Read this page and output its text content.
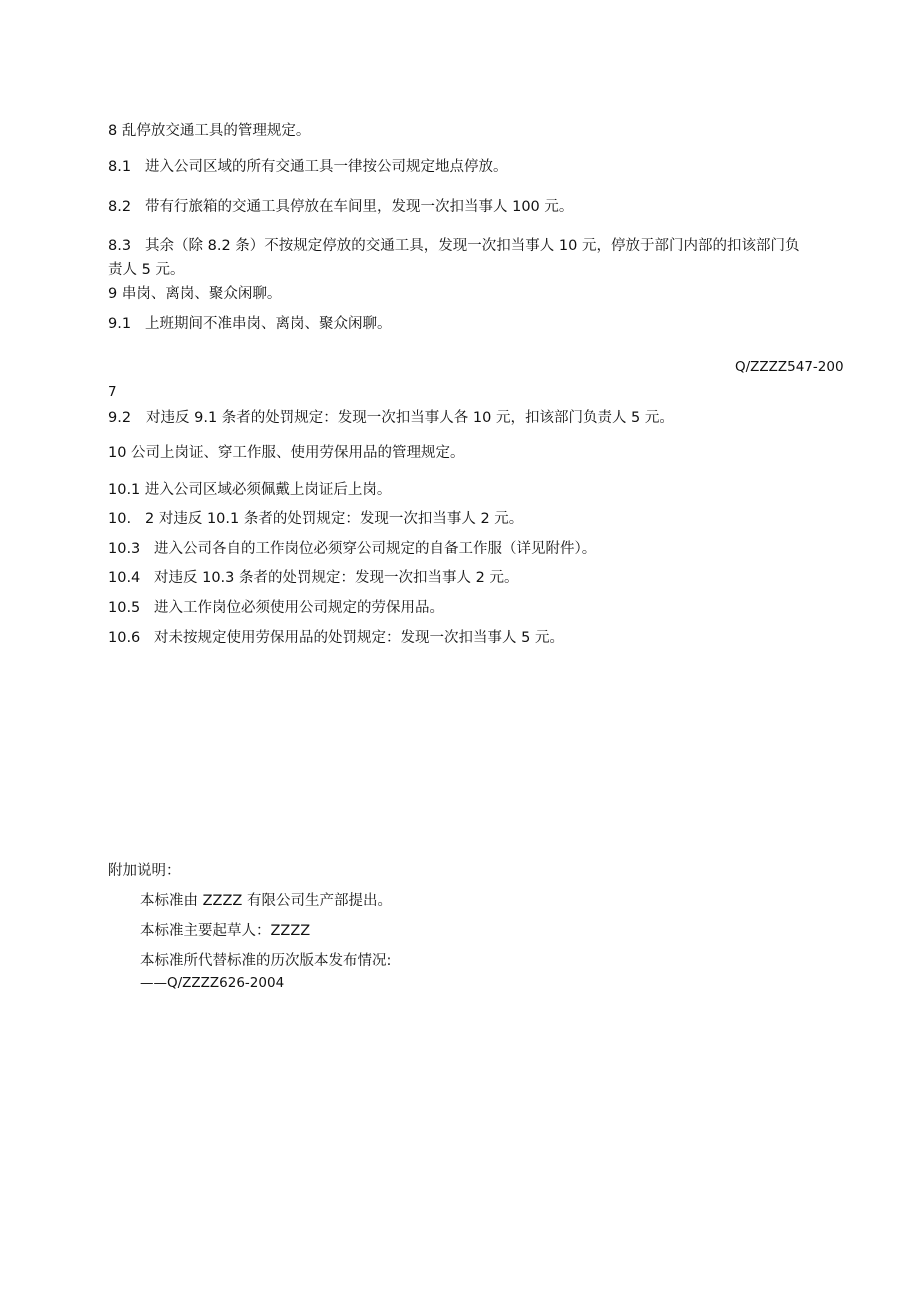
8 乱停放交通工具的管理规定。
8.1 进入公司区域的所有交通工具一律按公司规定地点停放。
8.2 带有行旅箱的交通工具停放在车间里，发现一次扣当事人 100 元。
8.3 其余（除 8.2 条）不按规定停放的交通工具，发现一次扣当事人 10 元，停放于部门内部的扣该部门负
责人 5 元。
9 串岗、离岗、聚众闲聊。
9.1 上班期间不准串岗、离岗、聚众闲聊。
Q/ZZZZ547-200
7
9.2 对违反 9.1 条者的处罚规定：发现一次扣当事人各 10 元，扣该部门负责人 5 元。
10 公司上岗证、穿工作服、使用劳保用品的管理规定。
10.1 进入公司区域必须佩戴上岗证后上岗。
10. 2 对违反 10.1 条者的处罚规定：发现一次扣当事人 2 元。
10.3 进入公司各自的工作岗位必须穿公司规定的自备工作服（详见附件）。
10.4 对违反 10.3 条者的处罚规定：发现一次扣当事人 2 元。
10.5 进入工作岗位必须使用公司规定的劳保用品。
10.6 对未按规定使用劳保用品的处罚规定：发现一次扣当事人 5 元。
附加说明：
本标准由 ZZZZ 有限公司生产部提出。
本标准主要起草人：ZZZZ
本标准所代替标准的历次版本发布情况:
——Q/ZZZZ626-2004
